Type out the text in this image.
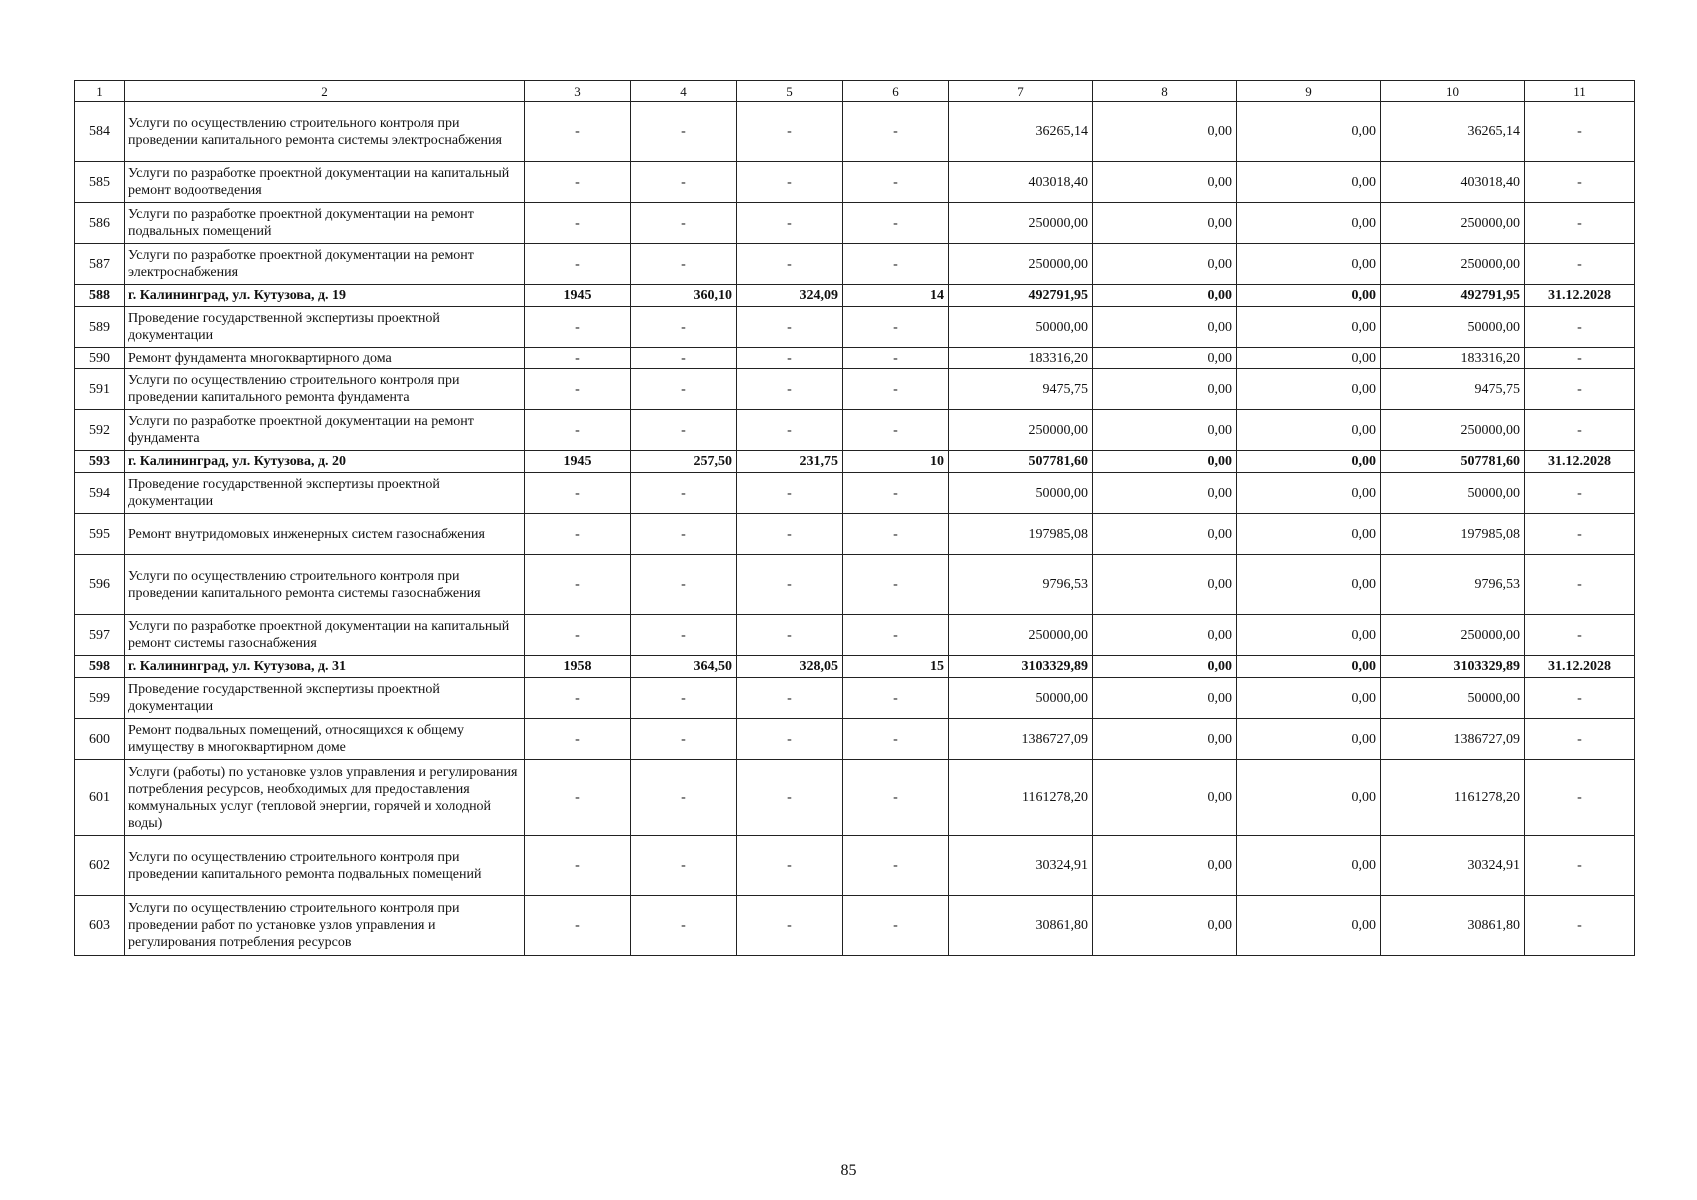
1	2	3	4	5	6	7	8	9	10	11
584	Услуги по осуществлению строительного контроля при проведении капитального ремонта системы электроснабжения	-	-	-	-	36265,14	0,00	0,00	36265,14	-
585	Услуги по разработке проектной документации на капитальный ремонт водоотведения	-	-	-	-	403018,40	0,00	0,00	403018,40	-
586	Услуги по разработке проектной документации на ремонт подвальных помещений	-	-	-	-	250000,00	0,00	0,00	250000,00	-
587	Услуги по разработке проектной документации на ремонт электроснабжения	-	-	-	-	250000,00	0,00	0,00	250000,00	-
588	г. Калининград, ул. Кутузова, д. 19	1945	360,10	324,09	14	492791,95	0,00	0,00	492791,95	31.12.2028
589	Проведение государственной экспертизы проектной документации	-	-	-	-	50000,00	0,00	0,00	50000,00	-
590	Ремонт фундамента многоквартирного дома	-	-	-	-	183316,20	0,00	0,00	183316,20	-
591	Услуги по осуществлению строительного контроля при проведении капитального ремонта фундамента	-	-	-	-	9475,75	0,00	0,00	9475,75	-
592	Услуги по разработке проектной документации на ремонт фундамента	-	-	-	-	250000,00	0,00	0,00	250000,00	-
593	г. Калининград, ул. Кутузова, д. 20	1945	257,50	231,75	10	507781,60	0,00	0,00	507781,60	31.12.2028
594	Проведение государственной экспертизы проектной документации	-	-	-	-	50000,00	0,00	0,00	50000,00	-
595	Ремонт внутридомовых инженерных систем газоснабжения	-	-	-	-	197985,08	0,00	0,00	197985,08	-
596	Услуги по осуществлению строительного контроля при проведении капитального ремонта системы газоснабжения	-	-	-	-	9796,53	0,00	0,00	9796,53	-
597	Услуги по разработке проектной документации на капитальный ремонт системы газоснабжения	-	-	-	-	250000,00	0,00	0,00	250000,00	-
598	г. Калининград, ул. Кутузова, д. 31	1958	364,50	328,05	15	3103329,89	0,00	0,00	3103329,89	31.12.2028
599	Проведение государственной экспертизы проектной документации	-	-	-	-	50000,00	0,00	0,00	50000,00	-
600	Ремонт подвальных помещений, относящихся к общему имуществу в многоквартирном доме	-	-	-	-	1386727,09	0,00	0,00	1386727,09	-
601	Услуги (работы) по установке узлов управления и регулирования потребления ресурсов, необходимых для предоставления коммунальных услуг (тепловой энергии, горячей и холодной воды)	-	-	-	-	1161278,20	0,00	0,00	1161278,20	-
602	Услуги по осуществлению строительного контроля при проведении капитального ремонта подвальных помещений	-	-	-	-	30324,91	0,00	0,00	30324,91	-
603	Услуги по осуществлению строительного контроля при проведении работ по установке узлов управления и регулирования потребления ресурсов	-	-	-	-	30861,80	0,00	0,00	30861,80	-
85
